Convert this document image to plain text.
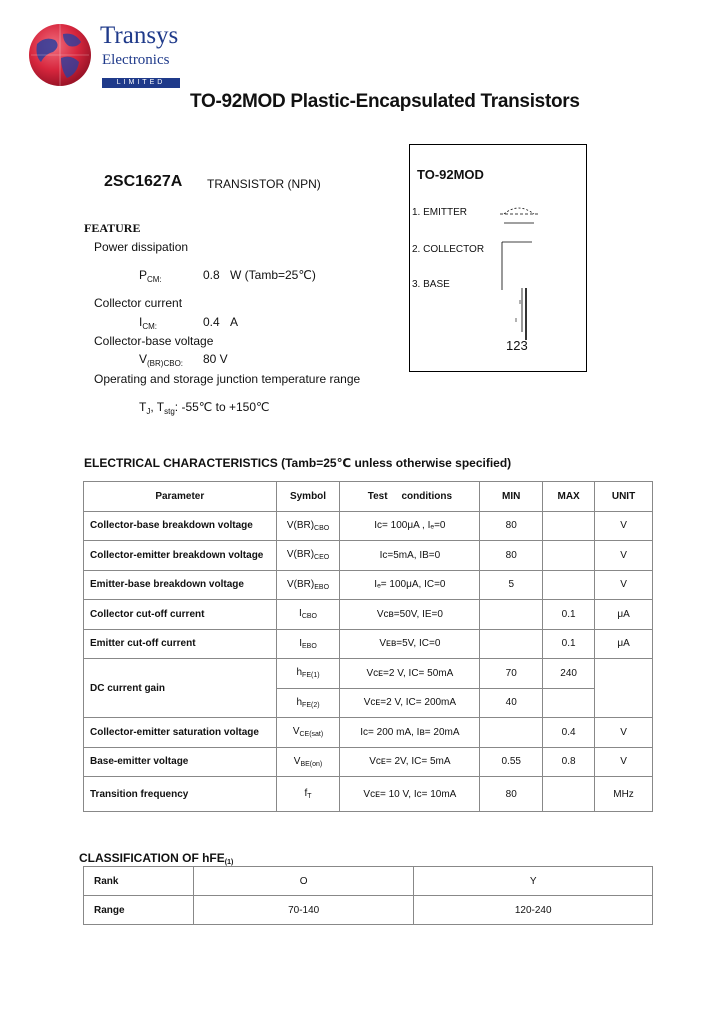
Transys
Electronics
LIMITED
TO-92MOD Plastic-Encapsulated Transistors
2SC1627A TRANSISTOR (NPN)
FEATURE
Power dissipation
$P_{CM:}$	0.8 W (Tamb=25℃)
Collector current
$I_{CM:}$	0.4 A
Collector-base voltage
$V_{(BR)CBO:}$ 80 V
Operating and storage junction temperature range
$T_J$, $T_{stg}$: -55℃ to +150℃
TO-92MOD
1. EMITTER
2. COLLECTOR
3. BASE
123
ELECTRICAL CHARACTERISTICS (Tamb=25℃ unless otherwise specified)
Parameter	Symbol	Test     conditions	MIN	MAX	UNIT
Collector-base breakdown voltage	$V(BR)_{CBO}$	Ic= 100μA , Iₑ=0	80		V
Collector-emitter breakdown voltage	$V(BR)_{CEO}$	Iᴄ=5mA, IB=0	80		V
Emitter-base breakdown voltage	$V(BR)_{EBO}$	Iₑ= 100μA, IC=0	5		V
Collector cut-off current	$I_{CBO}$	Vᴄʙ=50V, IE=0		0.1	μA
Emitter cut-off current	$I_{EBO}$	Vᴇʙ=5V, IC=0		0.1	μA
DC current gain	$h_{FE(1)}$	Vᴄᴇ=2 V, IC= 50mA	70	240	
	$h_{FE(2)}$	Vᴄᴇ=2 V, IC= 200mA	40		
Collector-emitter saturation voltage	$V_{CE(sat)}$	Iᴄ= 200 mA, Iʙ= 20mA		0.4	V
Base-emitter voltage	$V_{BE(on)}$	Vᴄᴇ= 2V, IC= 5mA	0.55	0.8	V
Transition frequency	$f_T$	Vᴄᴇ= 10 V, Iᴄ= 10mA	80		MHz
CLASSIFICATION OF hFE(1)
Rank	O	Y
Range	70-140	120-240
